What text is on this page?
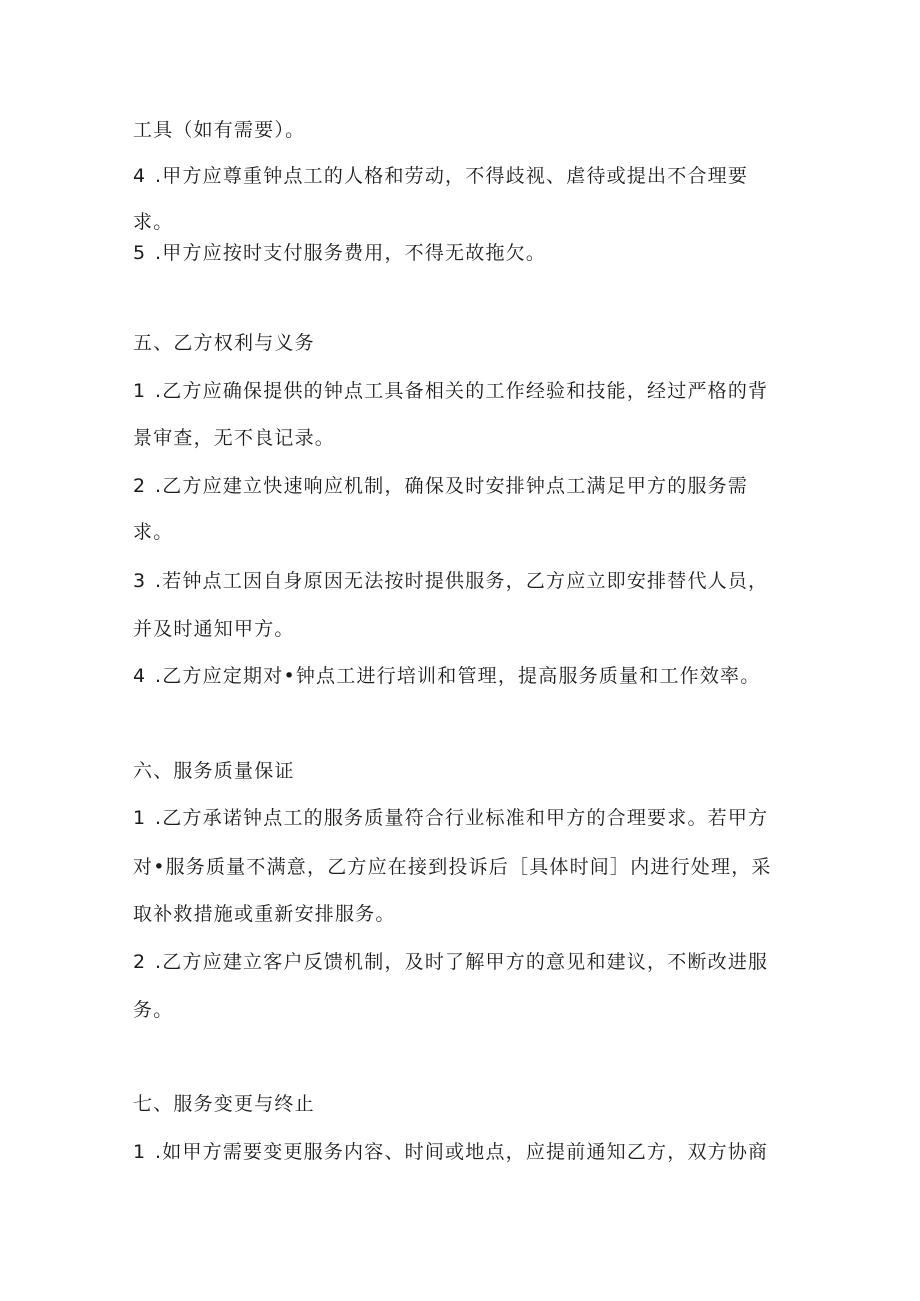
工具（如有需要）。
4 .甲方应尊重钟点工的人格和劳动，不得歧视、虐待或提出不合理要
求。
5 .甲方应按时支付服务费用，不得无故拖欠。
五、乙方权利与义务
1 .乙方应确保提供的钟点工具备相关的工作经验和技能，经过严格的背
景审查，无不良记录。
2 .乙方应建立快速响应机制，确保及时安排钟点工满足甲方的服务需
求。
3 .若钟点工因自身原因无法按时提供服务，乙方应立即安排替代人员，
并及时通知甲方。
4 .乙方应定期对•钟点工进行培训和管理，提高服务质量和工作效率。
六、服务质量保证
1 .乙方承诺钟点工的服务质量符合行业标准和甲方的合理要求。若甲方
对•服务质量不满意，乙方应在接到投诉后［具体时间］内进行处理，采
取补救措施或重新安排服务。
2 .乙方应建立客户反馈机制，及时了解甲方的意见和建议，不断改进服
务。
七、服务变更与终止
1 .如甲方需要变更服务内容、时间或地点，应提前通知乙方，双方协商
